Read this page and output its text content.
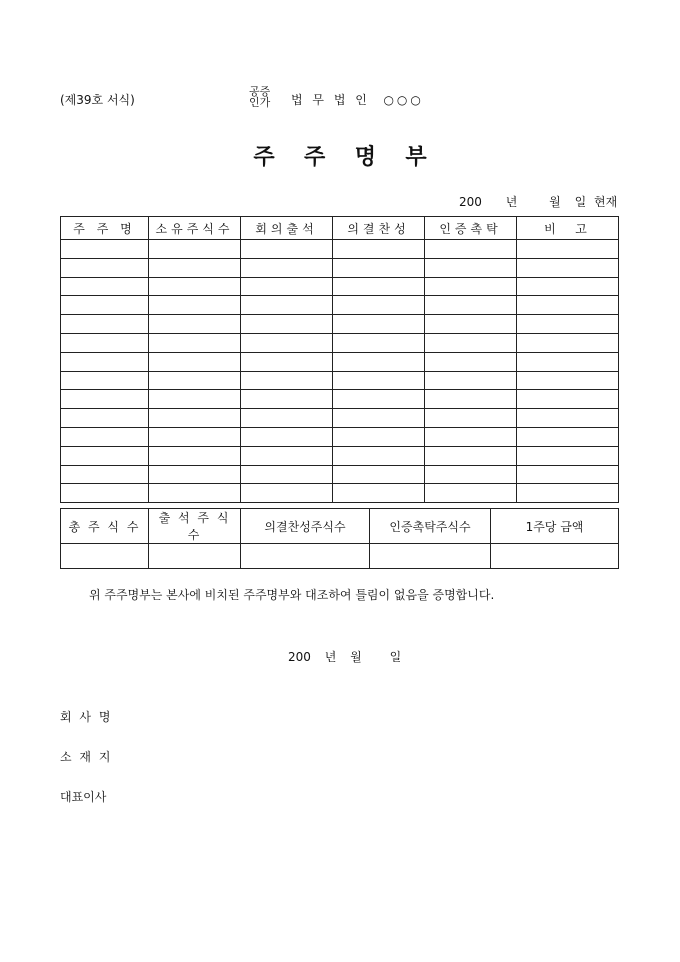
(제39호 서식)
공증
인가 법 무 법 인  ○○○
주 주 명 부
200 년	월 일 현재
주 주 명	소유주식수	회의출석	의결찬성	인증촉탁	비  고

총 주 식 수	출 석 주 식 수	의결찬성주식수	인증촉탁주식수	1주당 금액

위 주주명부는 본사에 비치된 주주명부와 대조하여 틀림이 없음을 증명합니다.
200 년 월 일
회 사 명
소 재 지
대표이사
